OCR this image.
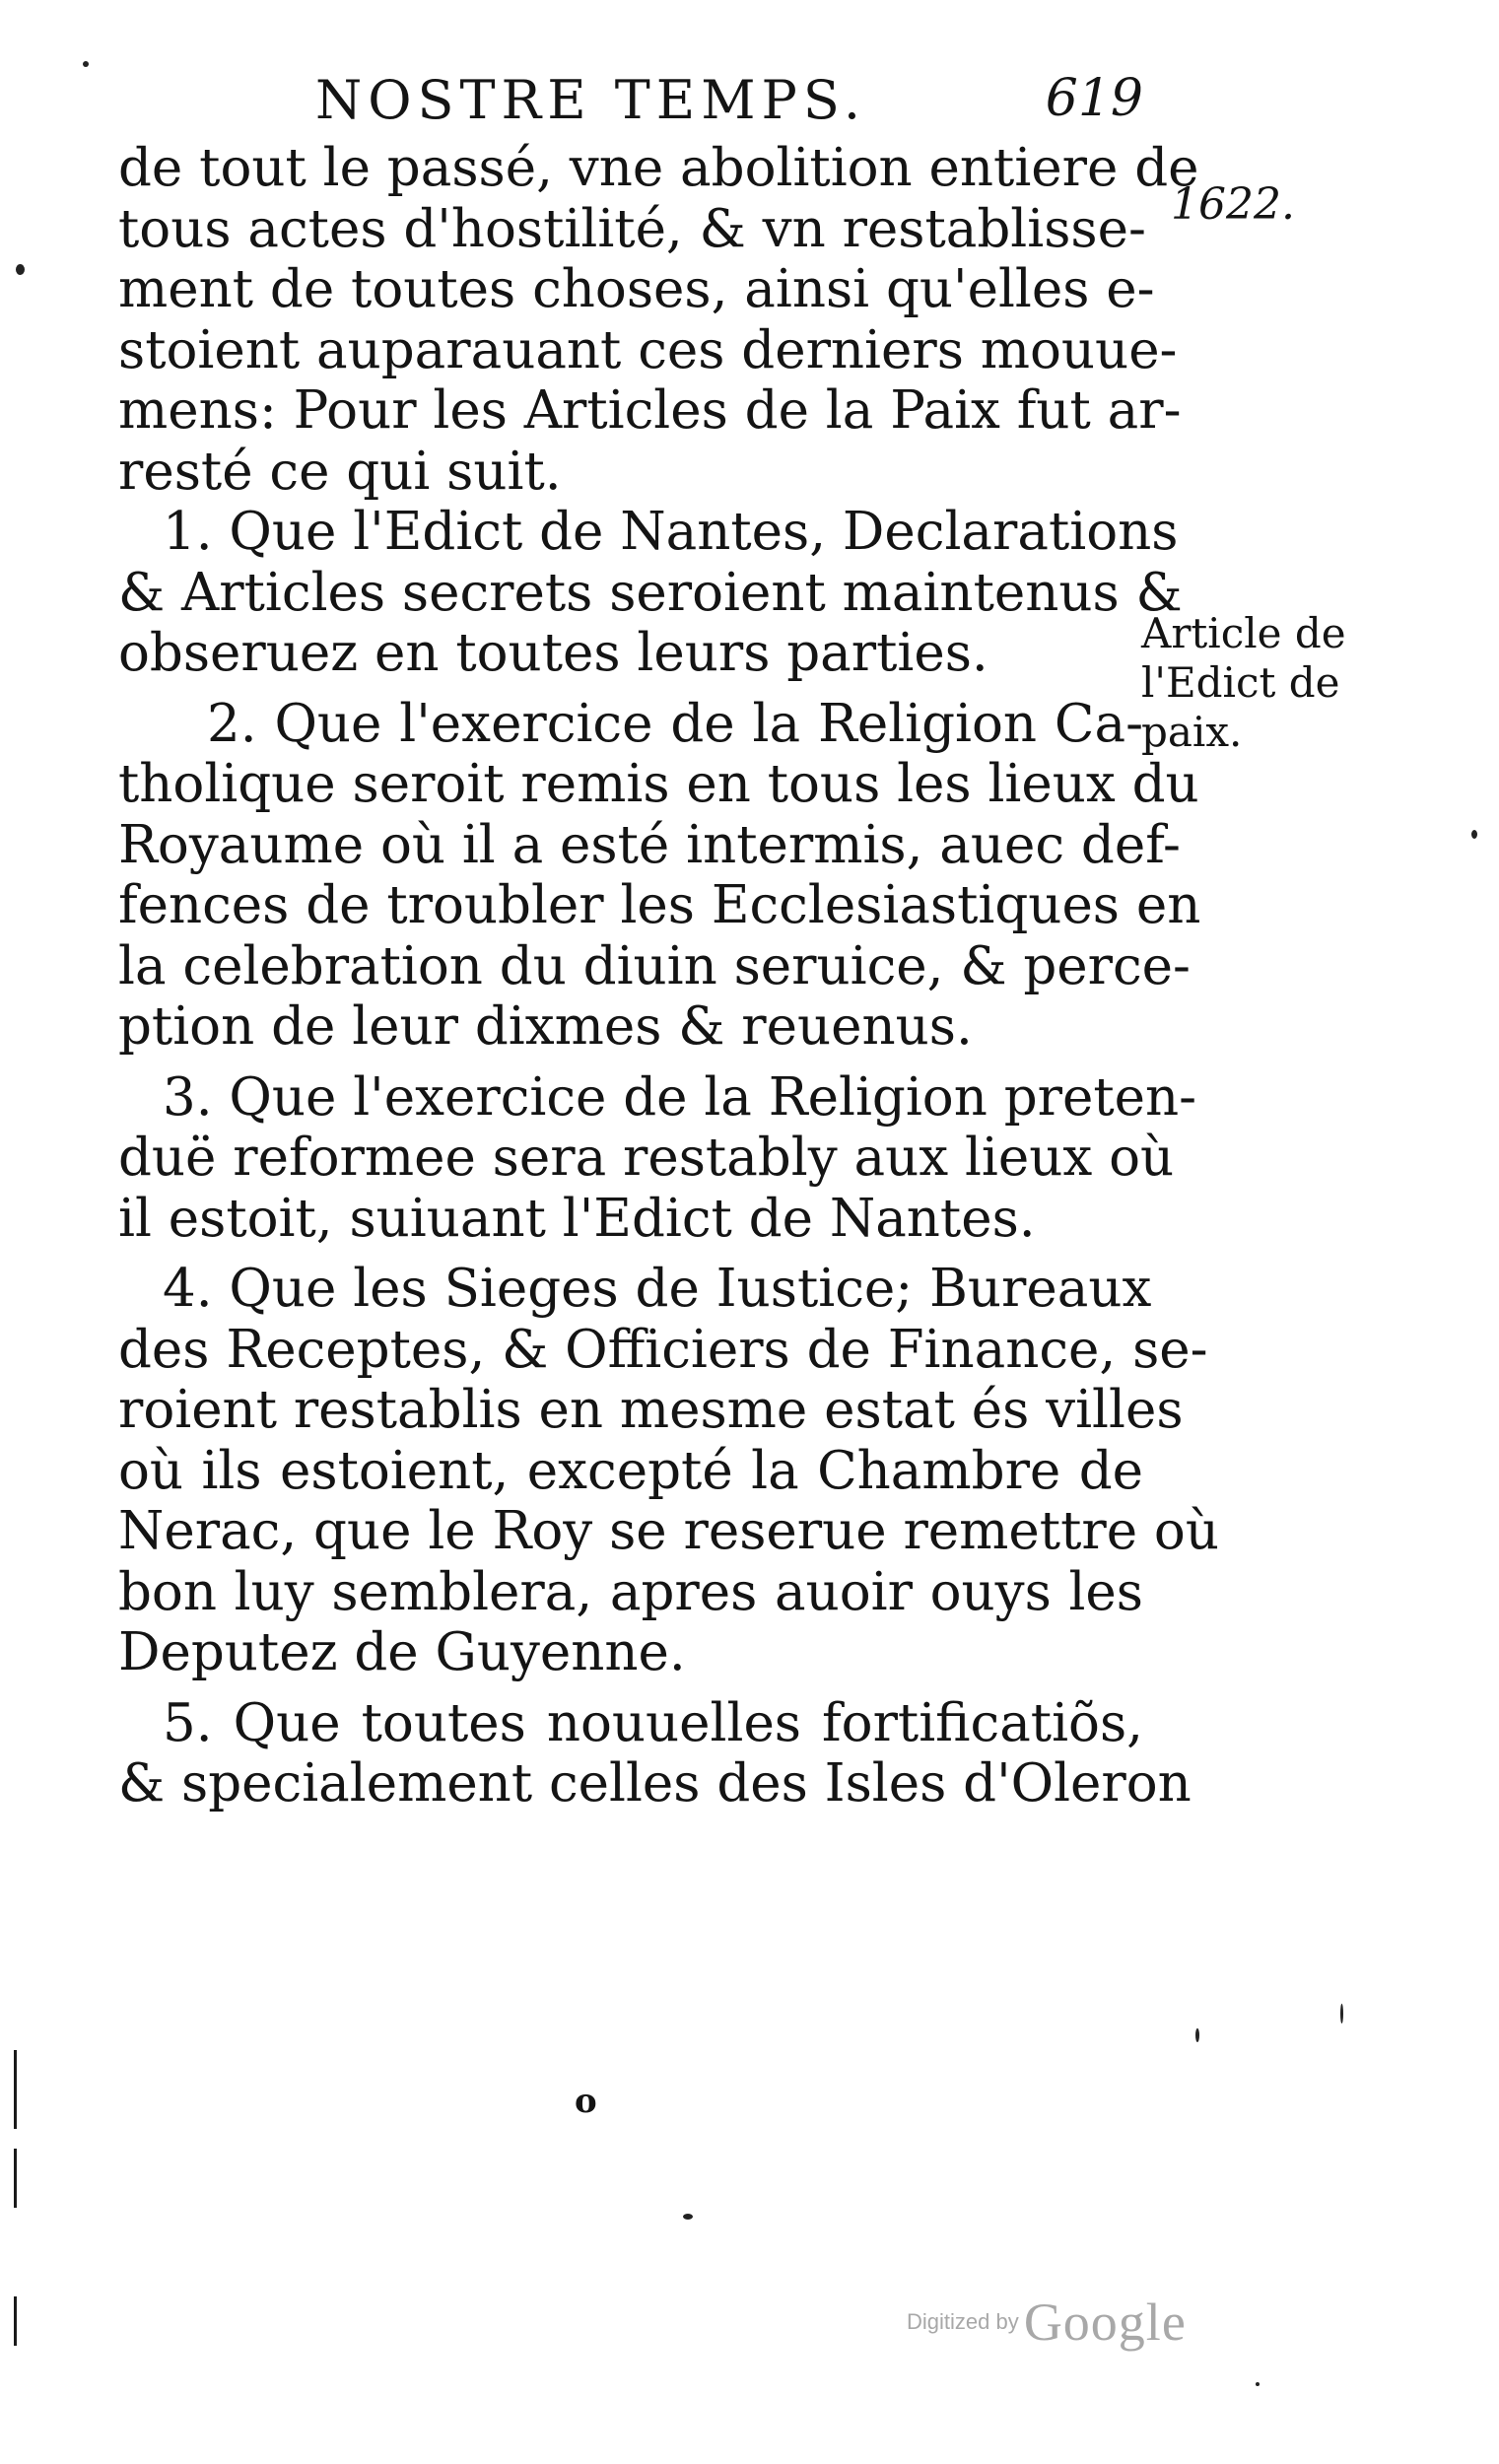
NOSTRE TEMPS.	619
1622.
Article de
l'Edict de
paix.
de tout le passé, vne abolition entiere de
tous actes d'hostilité, & vn restablisse-
ment de toutes choses, ainsi qu'elles e-
stoient auparauant ces derniers mouue-
mens: Pour les Articles de la Paix fut ar-
resté ce qui suit.
1. Que l'Edict de Nantes, Declarations
& Articles secrets seroient maintenus &
obseruez en toutes leurs parties.
2. Que l'exercice de la Religion Ca-
tholique seroit remis en tous les lieux du
Royaume où il a esté intermis, auec def-
fences de troubler les Ecclesiastiques en
la celebration du diuin seruice, & perce-
ption de leur dixmes & reuenus.
3. Que l'exercice de la Religion preten-
duë reformee sera restably aux lieux où
il estoit, suiuant l'Edict de Nantes.
4. Que les Sieges de Iustice; Bureaux
des Receptes, & Officiers de Finance, se-
roient restablis en mesme estat és villes
où ils estoient, excepté la Chambre de
Nerac, que le Roy se reserue remettre où
bon luy semblera, apres auoir ouys les
Deputez de Guyenne.
5. Que toutes nouuelles fortificatiõs,
& specialement celles des Isles d'Oleron
o
Digitized by Google
